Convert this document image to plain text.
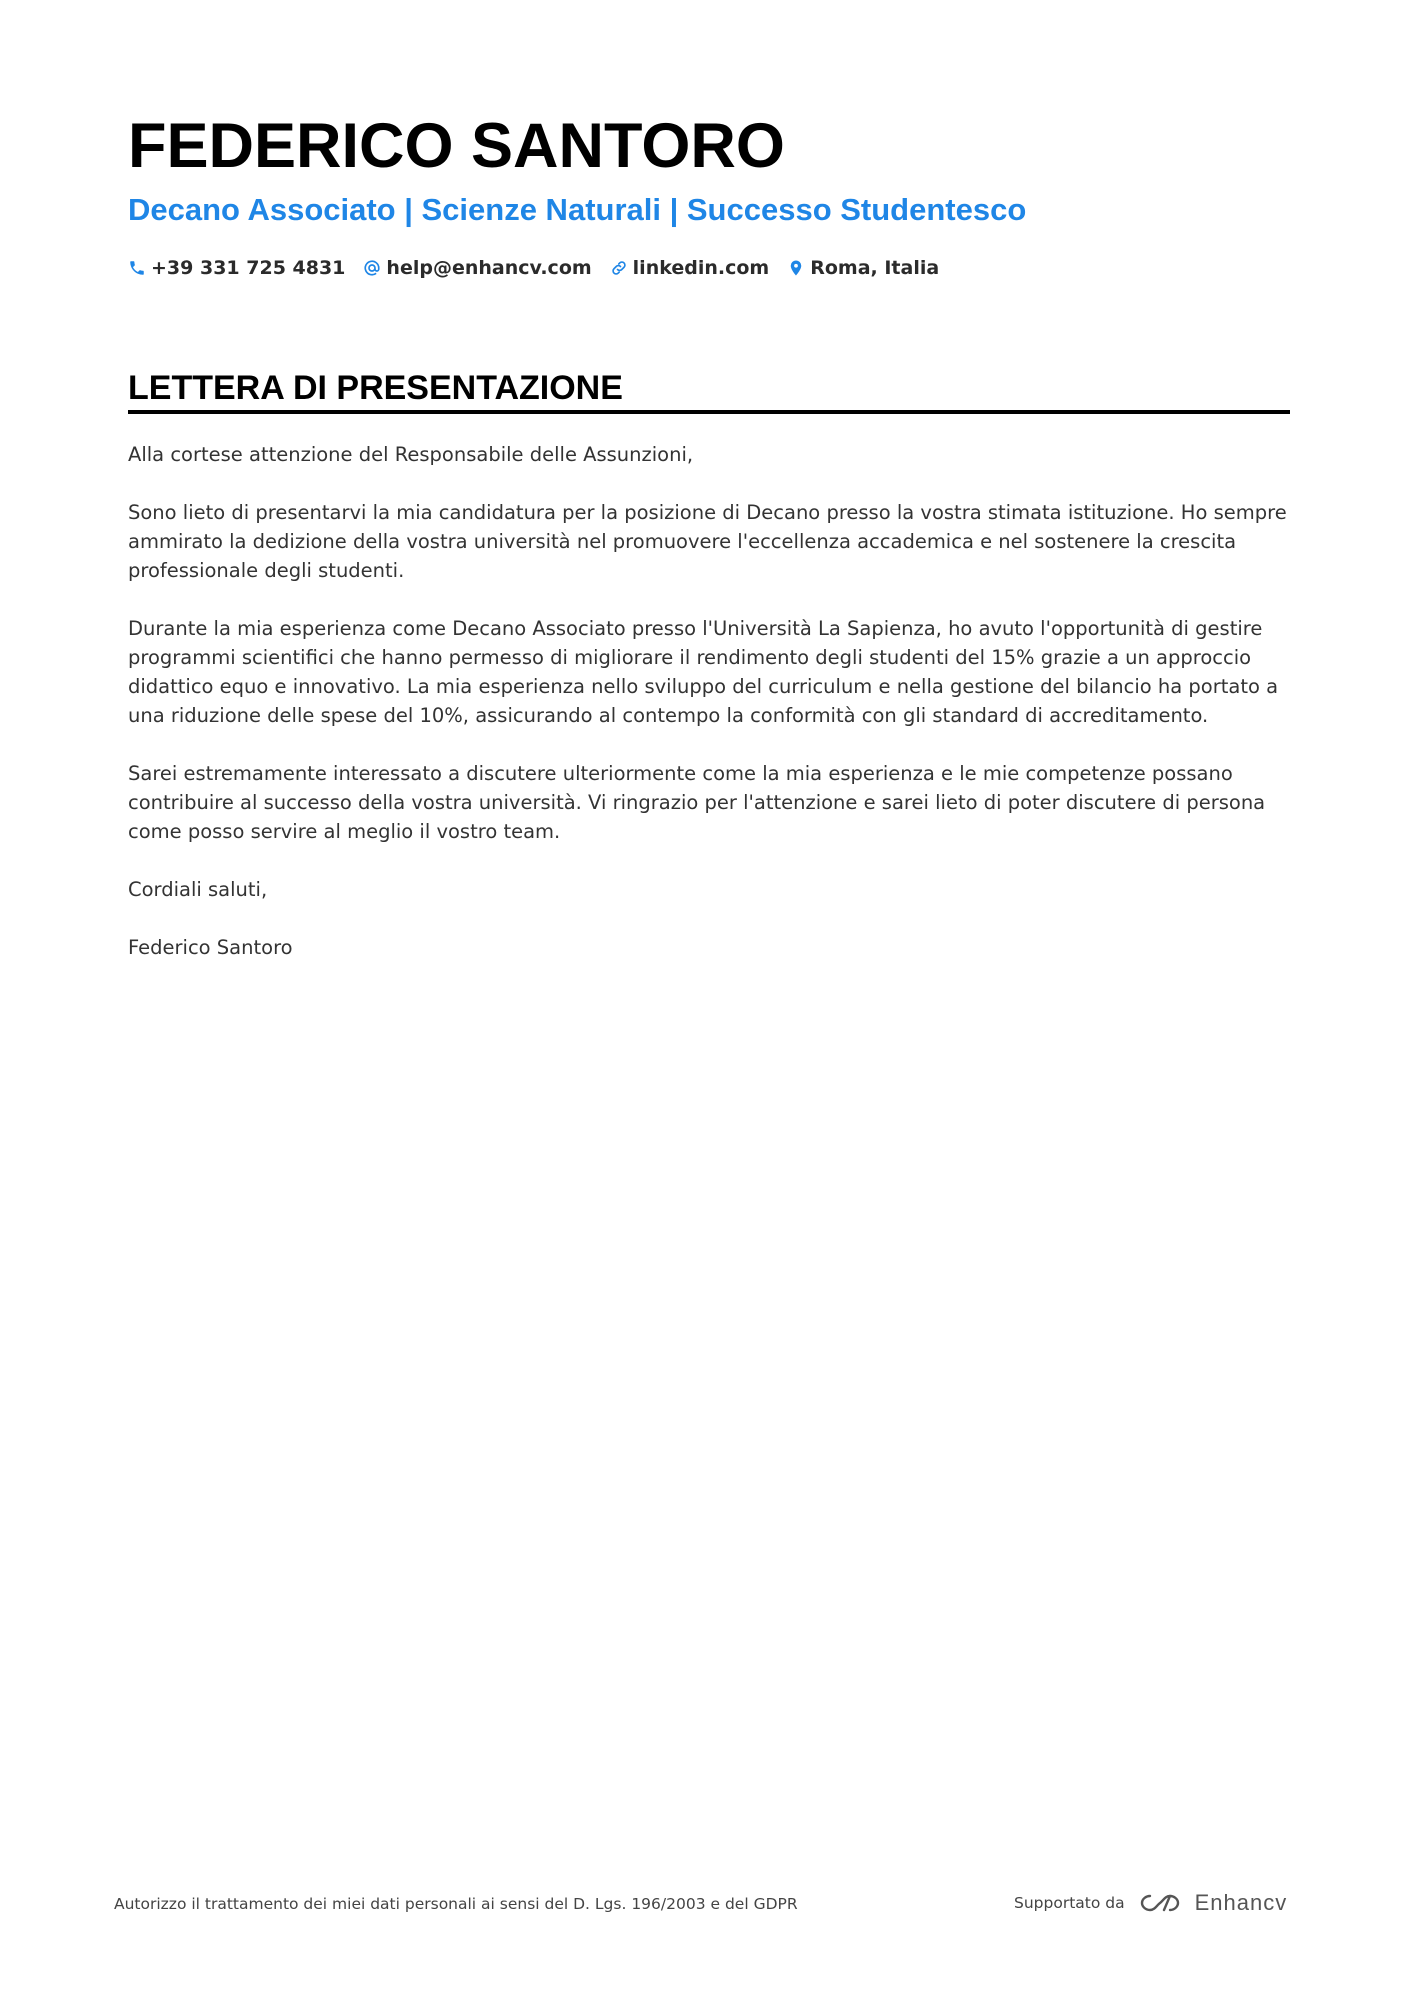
FEDERICO SANTORO
Decano Associato | Scienze Naturali | Successo Studentesco
+39 331 725 4831 help@enhancv.com linkedin.com Roma, Italia
LETTERA DI PRESENTAZIONE

Alla cortese attenzione del Responsabile delle Assunzioni,

Sono lieto di presentarvi la mia candidatura per la posizione di Decano presso la vostra stimata istituzione. Ho sempre ammirato la dedizione della vostra università nel promuovere l'eccellenza accademica e nel sostenere la crescita professionale degli studenti.

Durante la mia esperienza come Decano Associato presso l'Università La Sapienza, ho avuto l'opportunità di gestire programmi scientifici che hanno permesso di migliorare il rendimento degli studenti del 15% grazie a un approccio didattico equo e innovativo. La mia esperienza nello sviluppo del curriculum e nella gestione del bilancio ha portato a una riduzione delle spese del 10%, assicurando al contempo la conformità con gli standard di accreditamento.

Sarei estremamente interessato a discutere ulteriormente come la mia esperienza e le mie competenze possano contribuire al successo della vostra università. Vi ringrazio per l'attenzione e sarei lieto di poter discutere di persona come posso servire al meglio il vostro team.

Cordiali saluti,

Federico Santoro

Autorizzo il trattamento dei miei dati personali ai sensi del D. Lgs. 196/2003 e del GDPR	Supportato da	Enhancv
